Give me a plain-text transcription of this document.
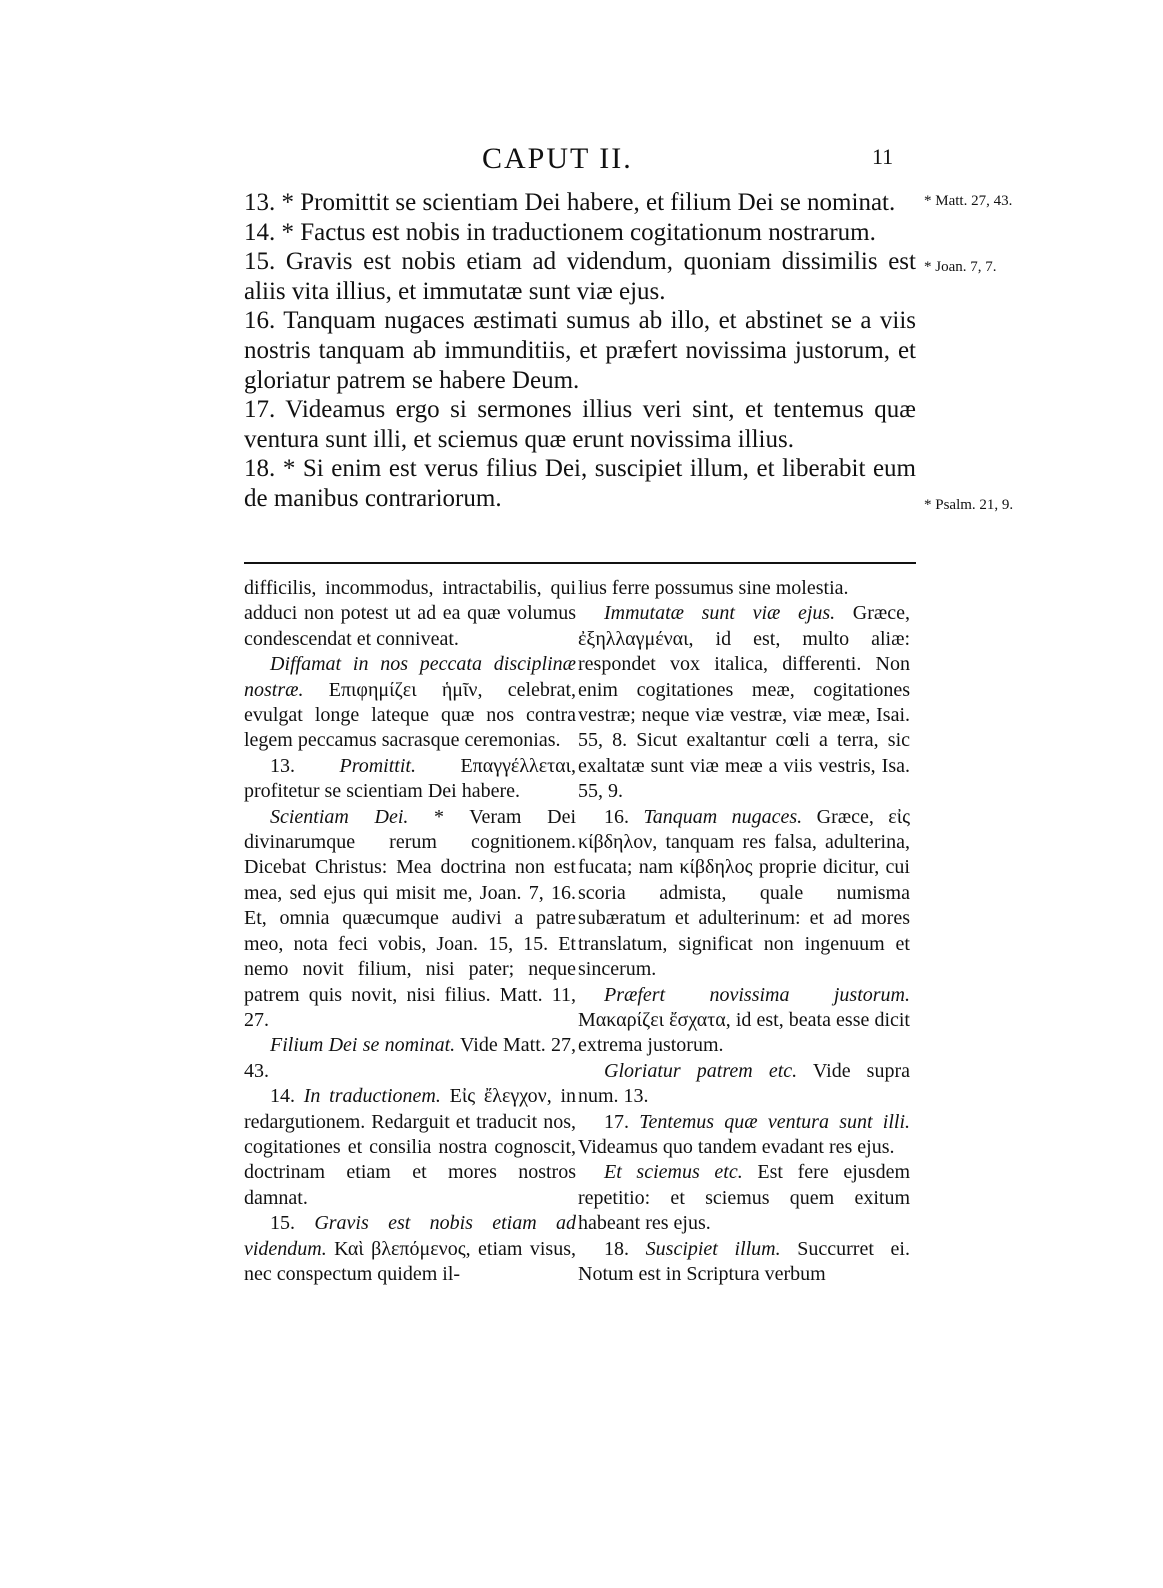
CAPUT II.	11
13. * Promittit se scientiam Dei habere, et filium Dei se nominat.
14. * Factus est nobis in traductionem cogitationum nostrarum.
15. Gravis est nobis etiam ad videndum, quoniam dissimilis est aliis vita illius, et immutatæ sunt viæ ejus.
16. Tanquam nugaces æstimati sumus ab illo, et abstinet se a viis nostris tanquam ab immunditiis, et præfert novissima justorum, et gloriatur patrem se habere Deum.
17. Videamus ergo si sermones illius veri sint, et tentemus quæ ventura sunt illi, et sciemus quæ erunt novissima illius.
18. * Si enim est verus filius Dei, suscipiet illum, et liberabit eum de manibus contrariorum.
* Matt. 27, 43.
* Joan. 7, 7.
* Psalm. 21, 9.

difficilis, incommodus, intractabilis, qui adduci non potest ut ad ea quæ volumus condescendat et conniveat.

Diffamat in nos peccata disciplinæ nostræ. Επιφημίζει ἡμῖν, celebrat, evulgat longe lateque quæ nos contra legem peccamus sacrasque ceremonias.

13. Promittit. Επαγγέλλεται, profitetur se scientiam Dei habere.

Scientiam Dei. * Veram Dei divinarumque rerum cognitionem. Dicebat Christus: Mea doctrina non est mea, sed ejus qui misit me, Joan. 7, 16. Et, omnia quæcumque audivi a patre meo, nota feci vobis, Joan. 15, 15. Et nemo novit filium, nisi pater; neque patrem quis novit, nisi filius. Matt. 11, 27.

Filium Dei se nominat. Vide Matt. 27, 43.

14. In traductionem. Εἰς ἔλεγχον, in redargutionem. Redarguit et traducit nos, cogitationes et consilia nostra cognoscit, doctrinam etiam et mores nostros damnat.

15. Gravis est nobis etiam ad videndum. Καὶ βλεπόμενος, etiam visus, nec conspectum quidem il-

lius ferre possumus sine molestia.

Immutatæ sunt viæ ejus. Græce, ἐξηλλαγμέναι, id est, multo aliæ: respondet vox italica, differenti. Non enim cogitationes meæ, cogitationes vestræ; neque viæ vestræ, viæ meæ, Isai. 55, 8. Sicut exaltantur cœli a terra, sic exaltatæ sunt viæ meæ a viis vestris, Isa. 55, 9.

16. Tanquam nugaces. Græce, εἰς κίβδηλον, tanquam res falsa, adulterina, fucata; nam κίβδηλος proprie dicitur, cui scoria admista, quale numisma subæratum et adulterinum: et ad mores translatum, significat non ingenuum et sincerum.

Præfert novissima justorum. Μακαρίζει ἔσχατα, id est, beata esse dicit extrema justorum.

Gloriatur patrem etc. Vide supra num. 13.

17. Tentemus quæ ventura sunt illi. Videamus quo tandem evadant res ejus.

Et sciemus etc. Est fere ejusdem repetitio: et sciemus quem exitum habeant res ejus.

18. Suscipiet illum. Succurret ei. Notum est in Scriptura verbum
